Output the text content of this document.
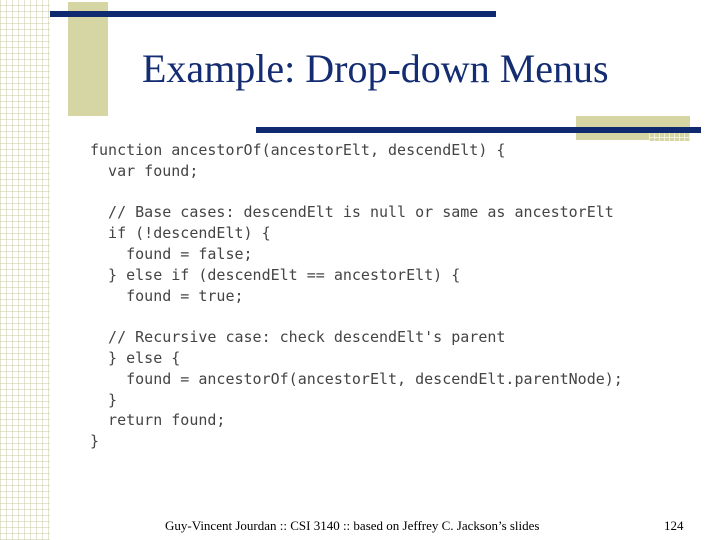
Example: Drop-down Menus
function ancestorOf(ancestorElt, descendElt) {
var found;

// Base cases: descendElt is null or same as ancestorElt
if (!descendElt) {
found = false;
} else if (descendElt == ancestorElt) {
found = true;

// Recursive case: check descendElt's parent
} else {
found = ancestorOf(ancestorElt, descendElt.parentNode);
}
return found;
}
Guy-Vincent Jourdan :: CSI 3140 :: based on Jeffrey C. Jackson’s slides	124
